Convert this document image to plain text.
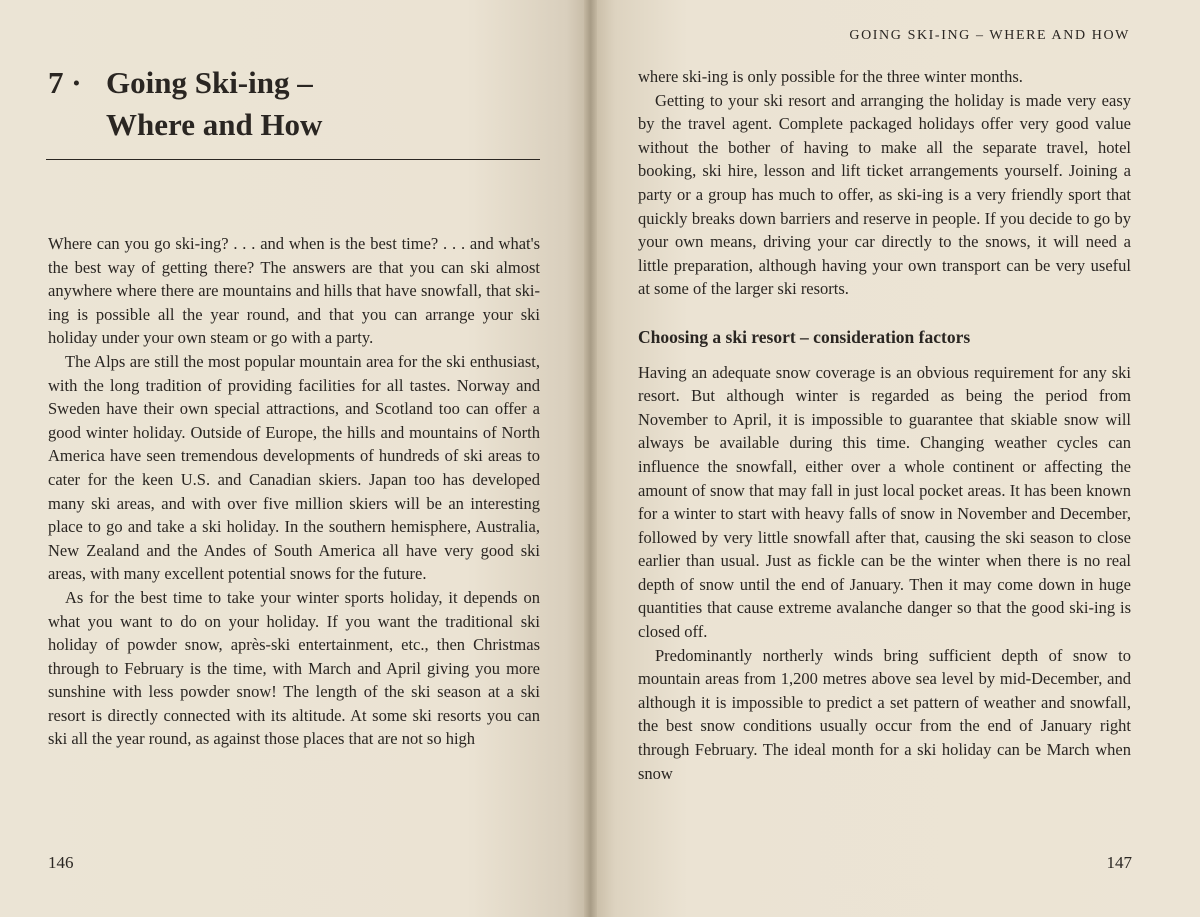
7 · Going Ski-ing –
Where and How

Where can you go ski-ing? . . . and when is the best time? . . . and what's the best way of getting there? The answers are that you can ski almost anywhere where there are mountains and hills that have snowfall, that ski-ing is possible all the year round, and that you can arrange your ski holiday under your own steam or go with a party.

The Alps are still the most popular mountain area for the ski enthusiast, with the long tradition of providing facilities for all tastes. Norway and Sweden have their own special attractions, and Scotland too can offer a good winter holiday. Outside of Europe, the hills and mountains of North America have seen tremendous developments of hundreds of ski areas to cater for the keen U.S. and Canadian skiers. Japan too has developed many ski areas, and with over five million skiers will be an interesting place to go and take a ski holiday. In the southern hemisphere, Australia, New Zealand and the Andes of South America all have very good ski areas, with many excellent potential snows for the future.

As for the best time to take your winter sports holiday, it depends on what you want to do on your holiday. If you want the traditional ski holiday of powder snow, après-ski entertainment, etc., then Christmas through to February is the time, with March and April giving you more sunshine with less powder snow! The length of the ski season at a ski resort is directly connected with its altitude. At some ski resorts you can ski all the year round, as against those places that are not so high

146
GOING SKI-ING – WHERE AND HOW

where ski-ing is only possible for the three winter months.

Getting to your ski resort and arranging the holiday is made very easy by the travel agent. Complete packaged holidays offer very good value without the bother of having to make all the separate travel, hotel booking, ski hire, lesson and lift ticket arrangements yourself. Joining a party or a group has much to offer, as ski-ing is a very friendly sport that quickly breaks down barriers and reserve in people. If you decide to go by your own means, driving your car directly to the snows, it will need a little preparation, although having your own transport can be very useful at some of the larger ski resorts.

Choosing a ski resort – consideration factors

Having an adequate snow coverage is an obvious requirement for any ski resort. But although winter is regarded as being the period from November to April, it is impossible to guarantee that skiable snow will always be available during this time. Changing weather cycles can influence the snowfall, either over a whole continent or affecting the amount of snow that may fall in just local pocket areas. It has been known for a winter to start with heavy falls of snow in November and December, followed by very little snowfall after that, causing the ski season to close earlier than usual. Just as fickle can be the winter when there is no real depth of snow until the end of January. Then it may come down in huge quantities that cause extreme avalanche danger so that the good ski-ing is closed off.

Predominantly northerly winds bring sufficient depth of snow to mountain areas from 1,200 metres above sea level by mid-December, and although it is impossible to predict a set pattern of weather and snowfall, the best snow conditions usually occur from the end of January right through February. The ideal month for a ski holiday can be March when snow

147
